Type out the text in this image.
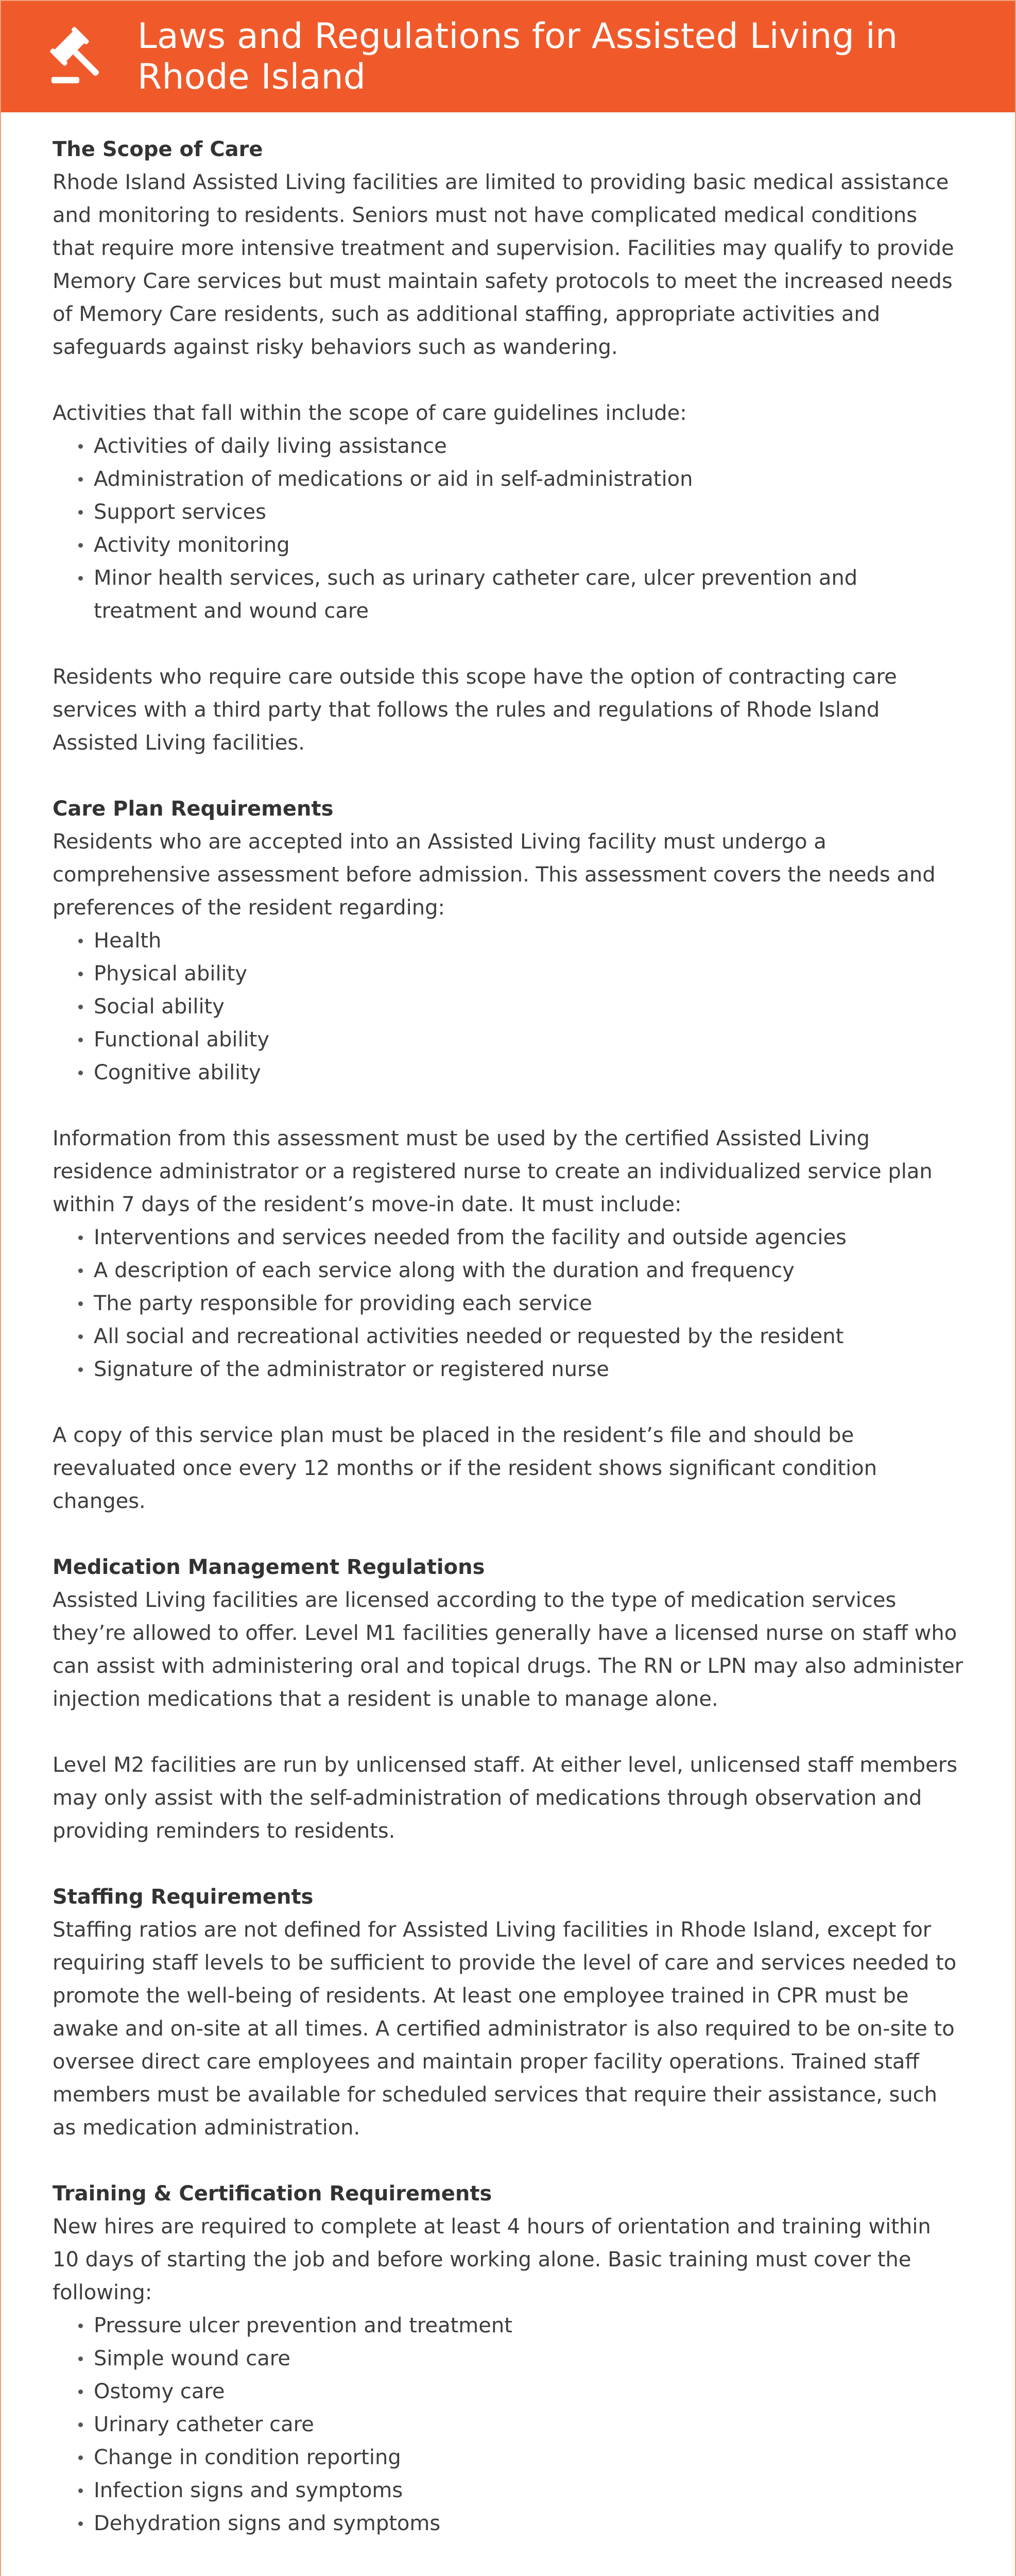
Laws and Regulations for Assisted Living in Rhode Island
The Scope of Care

Rhode Island Assisted Living facilities are limited to providing basic medical assistance and monitoring to residents. Seniors must not have complicated medical conditions that require more intensive treatment and supervision. Facilities may qualify to provide Memory Care services but must maintain safety protocols to meet the increased needs of Memory Care residents, such as additional staffing, appropriate activities and safeguards against risky behaviors such as wandering.

Activities that fall within the scope of care guidelines include:

Activities of daily living assistance
Administration of medications or aid in self-administration
Support services
Activity monitoring
Minor health services, such as urinary catheter care, ulcer prevention and treatment and wound care

Residents who require care outside this scope have the option of contracting care services with a third party that follows the rules and regulations of Rhode Island Assisted Living facilities.

Care Plan Requirements

Residents who are accepted into an Assisted Living facility must undergo a comprehensive assessment before admission. This assessment covers the needs and preferences of the resident regarding:

Health
Physical ability
Social ability
Functional ability
Cognitive ability

Information from this assessment must be used by the certified Assisted Living residence administrator or a registered nurse to create an individualized service plan within 7 days of the resident’s move-in date. It must include:

Interventions and services needed from the facility and outside agencies
A description of each service along with the duration and frequency
The party responsible for providing each service
All social and recreational activities needed or requested by the resident
Signature of the administrator or registered nurse

A copy of this service plan must be placed in the resident’s file and should be reevaluated once every 12 months or if the resident shows significant condition changes.

Medication Management Regulations

Assisted Living facilities are licensed according to the type of medication services they’re allowed to offer. Level M1 facilities generally have a licensed nurse on staff who can assist with administering oral and topical drugs. The RN or LPN may also administer injection medications that a resident is unable to manage alone.

Level M2 facilities are run by unlicensed staff. At either level, unlicensed staff members may only assist with the self-administration of medications through observation and providing reminders to residents.

Staffing Requirements

Staffing ratios are not defined for Assisted Living facilities in Rhode Island, except for requiring staff levels to be sufficient to provide the level of care and services needed to promote the well-being of residents. At least one employee trained in CPR must be awake and on-site at all times. A certified administrator is also required to be on-site to oversee direct care employees and maintain proper facility operations. Trained staff members must be available for scheduled services that require their assistance, such as medication administration.

Training & Certification Requirements

New hires are required to complete at least 4 hours of orientation and training within 10 days of starting the job and before working alone. Basic training must cover the following:

Pressure ulcer prevention and treatment
Simple wound care
Ostomy care
Urinary catheter care
Change in condition reporting
Infection signs and symptoms
Dehydration signs and symptoms
